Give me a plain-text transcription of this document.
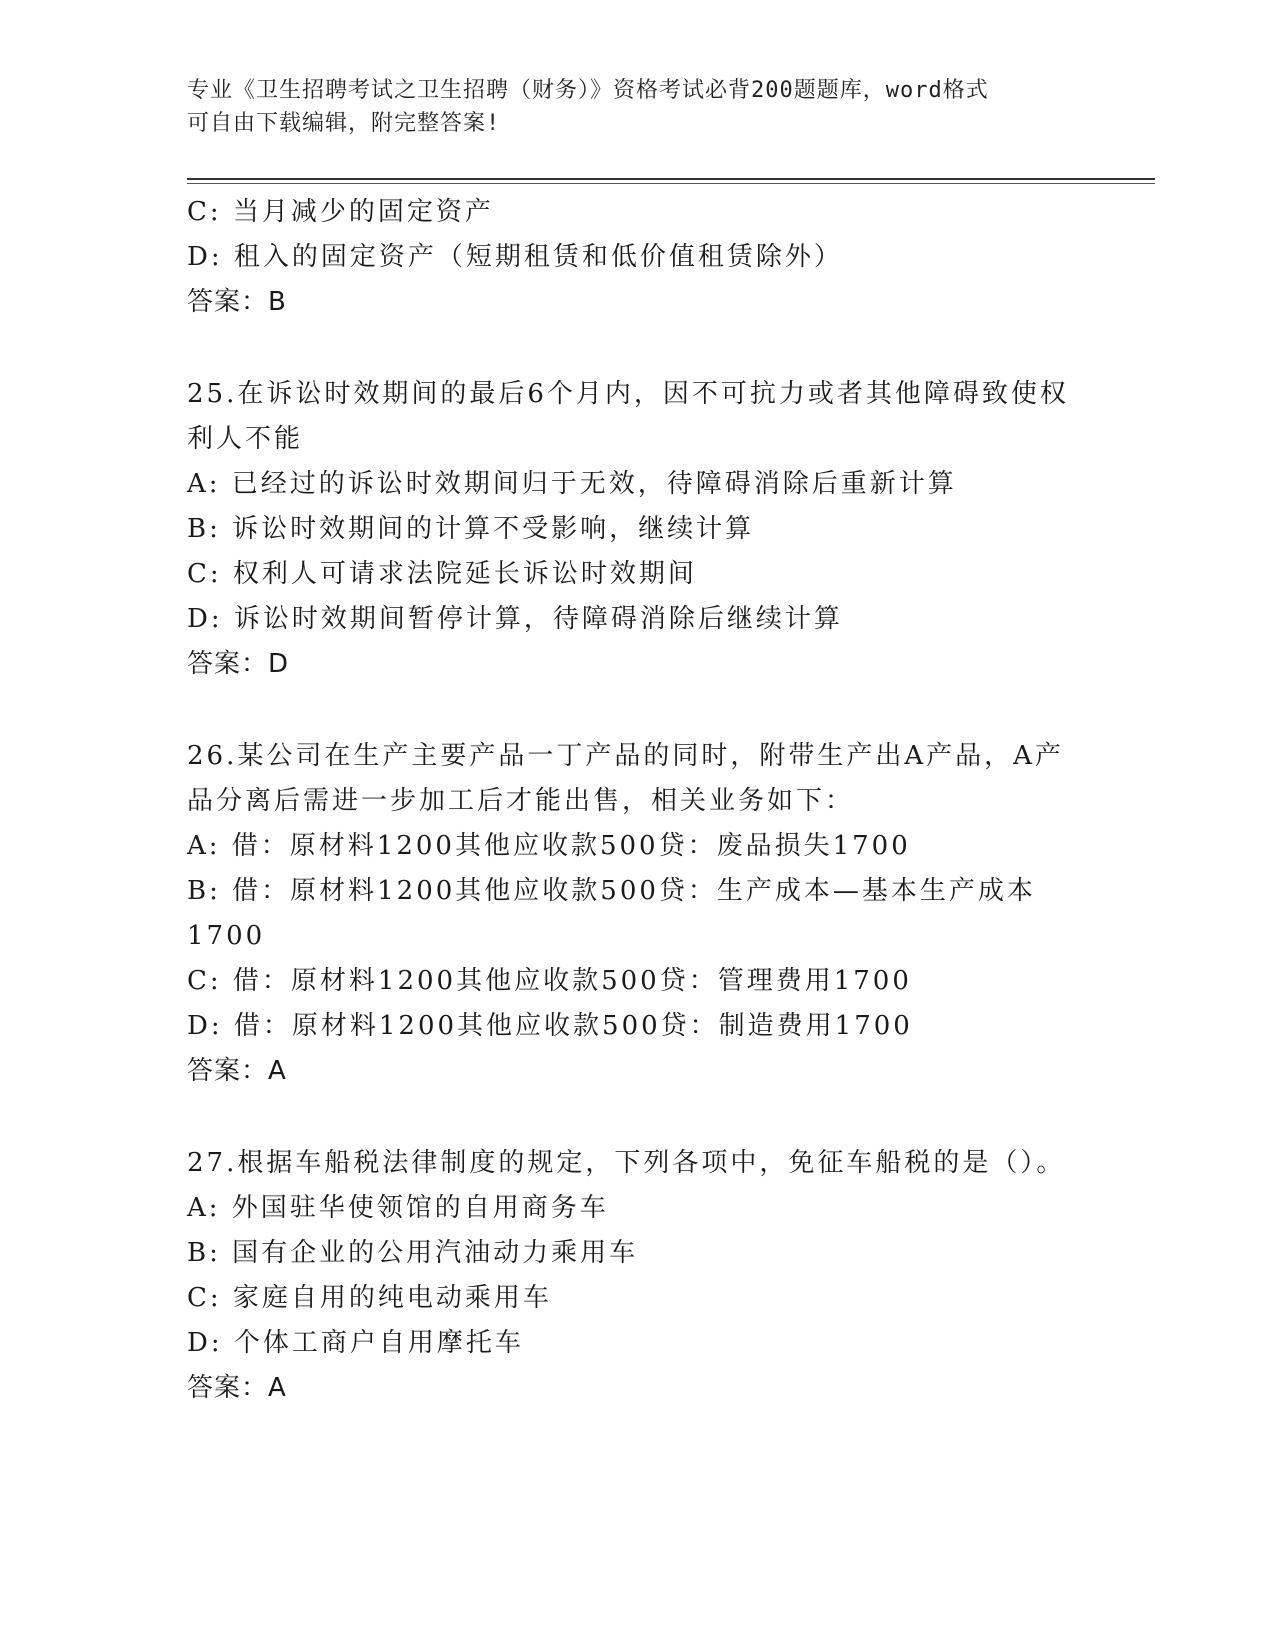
专业《卫生招聘考试之卫生招聘（财务）》资格考试必背200题题库，word格式
可自由下载编辑，附完整答案!
C: 当月减少的固定资产
D: 租入的固定资产（短期租赁和低价值租赁除外）
答案：B
25.在诉讼时效期间的最后6个月内，因不可抗力或者其他障碍致使权
利人不能
A: 已经过的诉讼时效期间归于无效，待障碍消除后重新计算
B: 诉讼时效期间的计算不受影响，继续计算
C: 权利人可请求法院延长诉讼时效期间
D: 诉讼时效期间暂停计算，待障碍消除后继续计算
答案：D
26.某公司在生产主要产品一丁产品的同时，附带生产出A产品，A产
品分离后需进一步加工后才能出售，相关业务如下：
A: 借：原材料1200其他应收款500贷：废品损失1700
B: 借：原材料1200其他应收款500贷：生产成本—基本生产成本
1700
C: 借：原材料1200其他应收款500贷：管理费用1700
D: 借：原材料1200其他应收款500贷：制造费用1700
答案：A
27.根据车船税法律制度的规定，下列各项中，免征车船税的是（）。
A: 外国驻华使领馆的自用商务车
B: 国有企业的公用汽油动力乘用车
C: 家庭自用的纯电动乘用车
D: 个体工商户自用摩托车
答案：A
